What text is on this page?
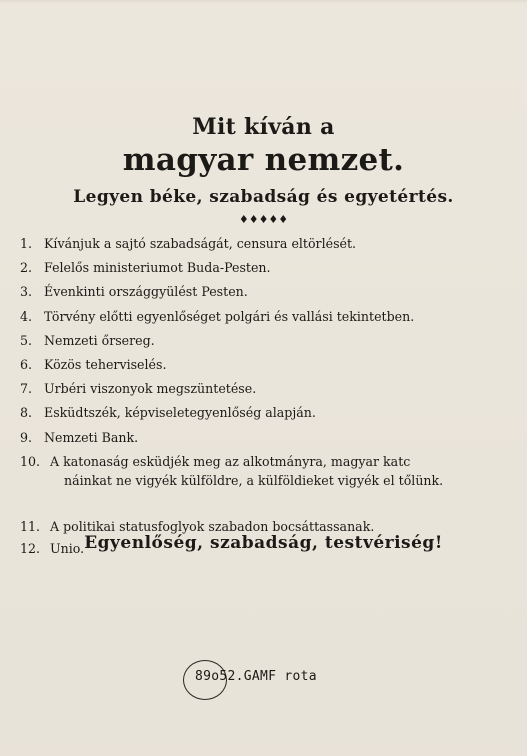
Mit kíván a
magyar nemzet.
Legyen béke, szabadság és egyetértés.
♦♦♦♦♦
1. Kívánjuk a sajtó szabadságát, censura eltörlését.
2. Felelős ministeriumot Buda-Pesten.
3. Évenkinti országgyülést Pesten.
4. Törvény előtti egyenlőséget polgári és vallási tekintetben.
5. Nemzeti őrsereg.
6. Közös teherviselés.
7. Urbéri viszonyok megszüntetése.
8. Esküdtszék, képviseletegyenlőség alapján.
9. Nemzeti Bank.
10. A katonaság esküdjék meg az alkotmányra, magyar katc
náinkat ne vigyék külföldre, a külföldieket vigyék el tőlünk.
11. A politikai statusfoglyok szabadon bocsáttassanak.
12. Unio. Egyenlőség, szabadság, testvériség!
89o52.GAMF rota
